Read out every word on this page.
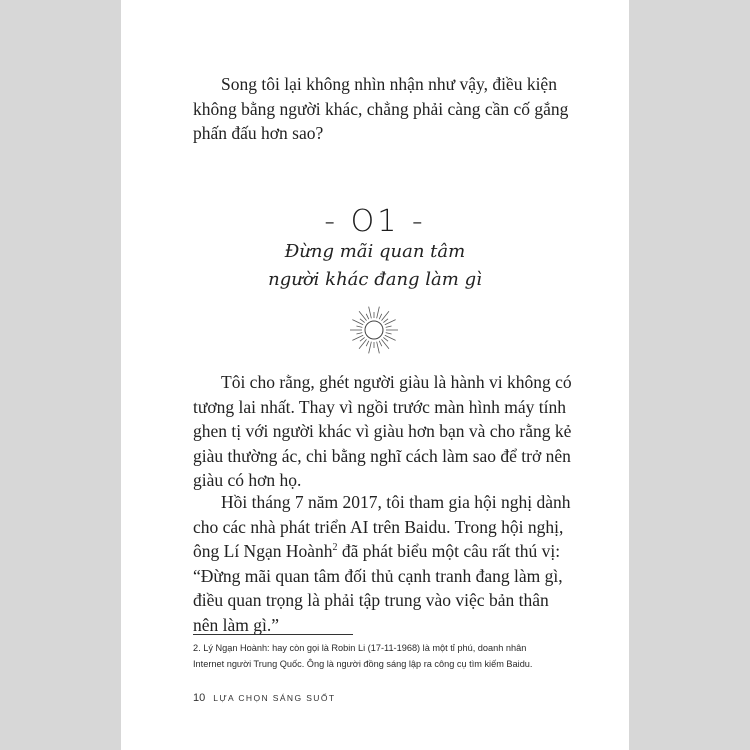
Song tôi lại không nhìn nhận như vậy, điều kiện
không bằng người khác, chẳng phải càng cần cố gắng
phấn đấu hơn sao?

- O1 -
Đừng mãi quan tâm
người khác đang làm gì

Tôi cho rằng, ghét người giàu là hành vi không có
tương lai nhất. Thay vì ngồi trước màn hình máy tính
ghen tị với người khác vì giàu hơn bạn và cho rằng kẻ
giàu thường ác, chi bằng nghĩ cách làm sao để trở nên
giàu có hơn họ.

Hồi tháng 7 năm 2017, tôi tham gia hội nghị dành
cho các nhà phát triển AI trên Baidu. Trong hội nghị,
ông Lí Ngạn Hoành$^2$ đã phát biểu một câu rất thú vị:
“Đừng mãi quan tâm đối thủ cạnh tranh đang làm gì,
điều quan trọng là phải tập trung vào việc bản thân
nên làm gì.”

2. Lý Ngạn Hoành: hay còn gọi là Robin Li (17-11-1968) là một tỉ phú, doanh nhân
Internet người Trung Quốc. Ông là người đồng sáng lập ra công cụ tìm kiếm Baidu.
10 LỰA CHỌN SÁNG SUỐT
